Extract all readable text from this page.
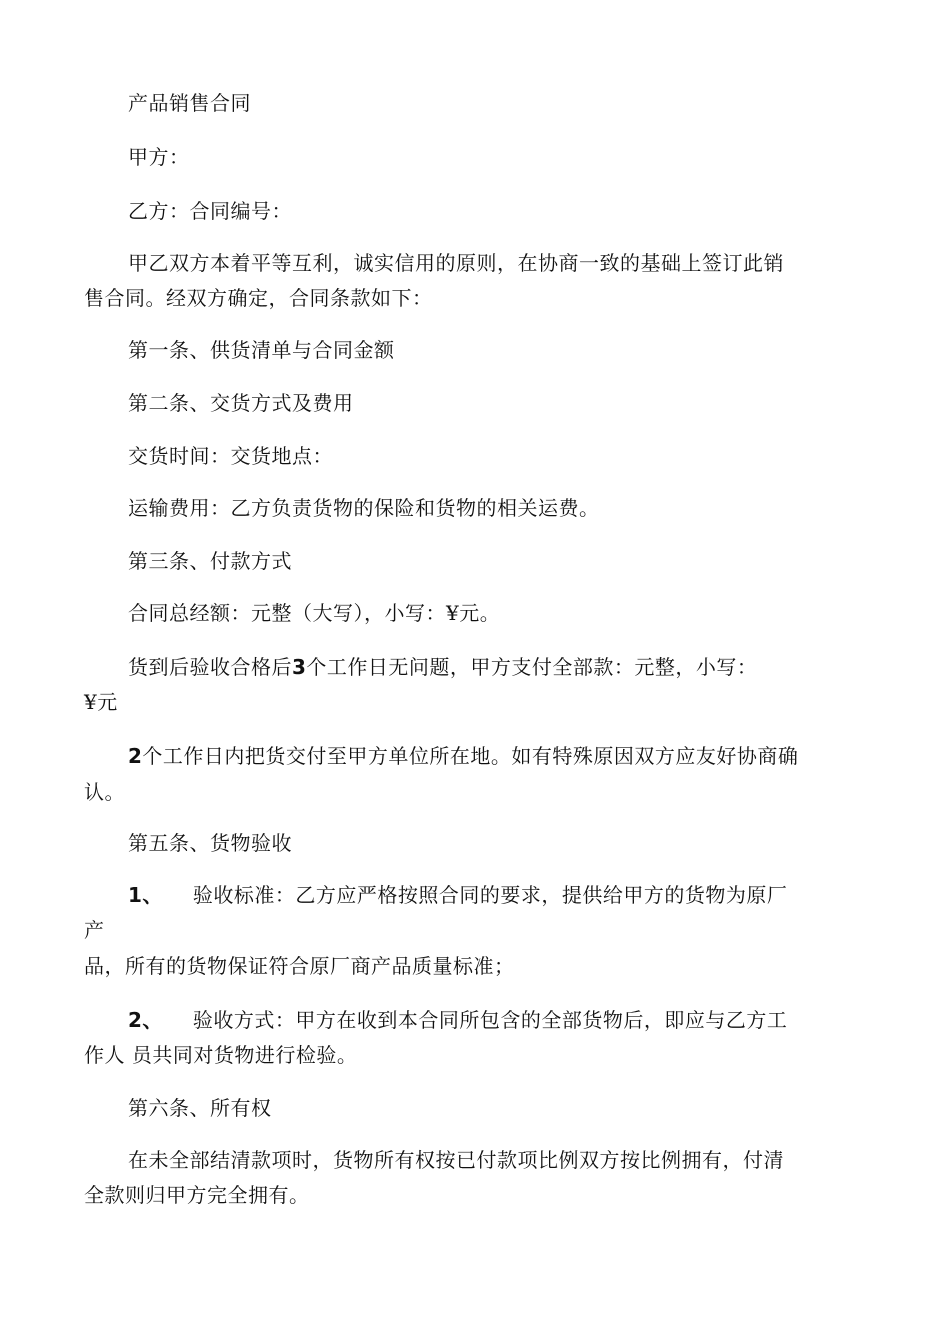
产品销售合同
甲方：
乙方：合同编号：
甲乙双方本着平等互利，诚实信用的原则，在协商一致的基础上签订此销
售合同。经双方确定，合同条款如下：
第一条、供货清单与合同金额
第二条、交货方式及费用
交货时间：交货地点：
运输费用：乙方负责货物的保险和货物的相关运费。
第三条、付款方式
合同总经额：元整（大写），小写：¥元。
货到后验收合格后3个工作日无问题，甲方支付全部款：元整，小写：
¥元
2个工作日内把货交付至甲方单位所在地。如有特殊原因双方应友好协商确
认。
第五条、货物验收
1、 验收标准：乙方应严格按照合同的要求，提供给甲方的货物为原厂
产
品，所有的货物保证符合原厂商产品质量标准；
2、 验收方式：甲方在收到本合同所包含的全部货物后，即应与乙方工
作人 员共同对货物进行检验。
第六条、所有权
在未全部结清款项时，货物所有权按已付款项比例双方按比例拥有，付清
全款则归甲方完全拥有。
